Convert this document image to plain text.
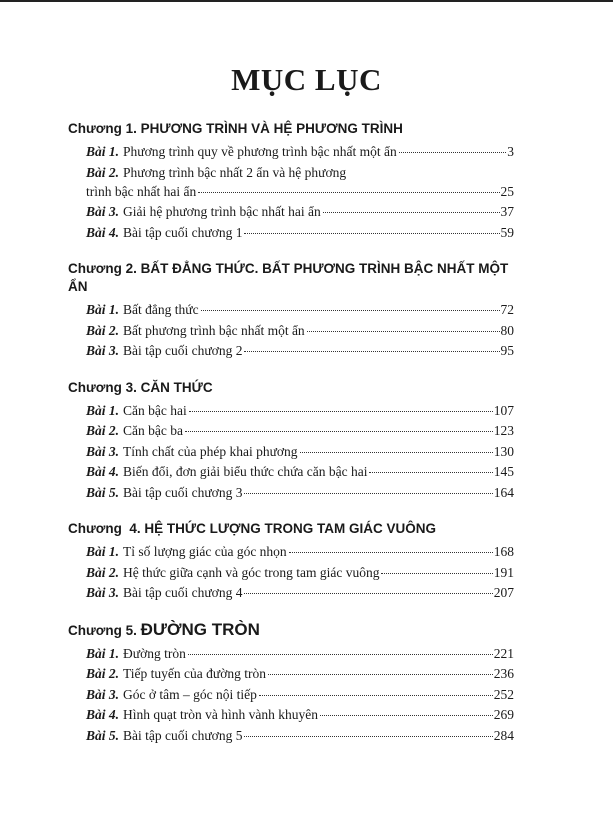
MỤC LỤC
Chương 1. PHƯƠNG TRÌNH VÀ HỆ PHƯƠNG TRÌNH
Bài 1. Phương trình quy về phương trình bậc nhất một ẩn	3
Bài 2. Phương trình bậc nhất 2 ẩn và hệ phương
trình bậc nhất hai ẩn	25
Bài 3. Giải hệ phương trình bậc nhất hai ẩn	37
Bài 4. Bài tập cuối chương 1	59
Chương 2. BẤT ĐẲNG THỨC. BẤT PHƯƠNG TRÌNH BẬC NHẤT MỘT ẨN
Bài 1. Bất đẳng thức	72
Bài 2. Bất phương trình bậc nhất một ẩn	80
Bài 3. Bài tập cuối chương 2	95
Chương 3. CĂN THỨC
Bài 1. Căn bậc hai	107
Bài 2. Căn bậc ba	123
Bài 3. Tính chất của phép khai phương	130
Bài 4. Biến đổi, đơn giải biểu thức chứa căn bậc hai	145
Bài 5. Bài tập cuối chương 3	164
Chương  4. HỆ THỨC LƯỢNG TRONG TAM GIÁC VUÔNG
Bài 1. Tỉ số lượng giác của góc nhọn	168
Bài 2. Hệ thức giữa cạnh và góc trong tam giác vuông	191
Bài 3. Bài tập cuối chương 4	207
Chương 5. ĐƯỜNG TRÒN
Bài 1. Đường tròn	221
Bài 2. Tiếp tuyến của đường tròn	236
Bài 3. Góc ở tâm – góc nội tiếp	252
Bài 4. Hình quạt tròn và hình vành khuyên	269
Bài 5. Bài tập cuối chương 5	284
